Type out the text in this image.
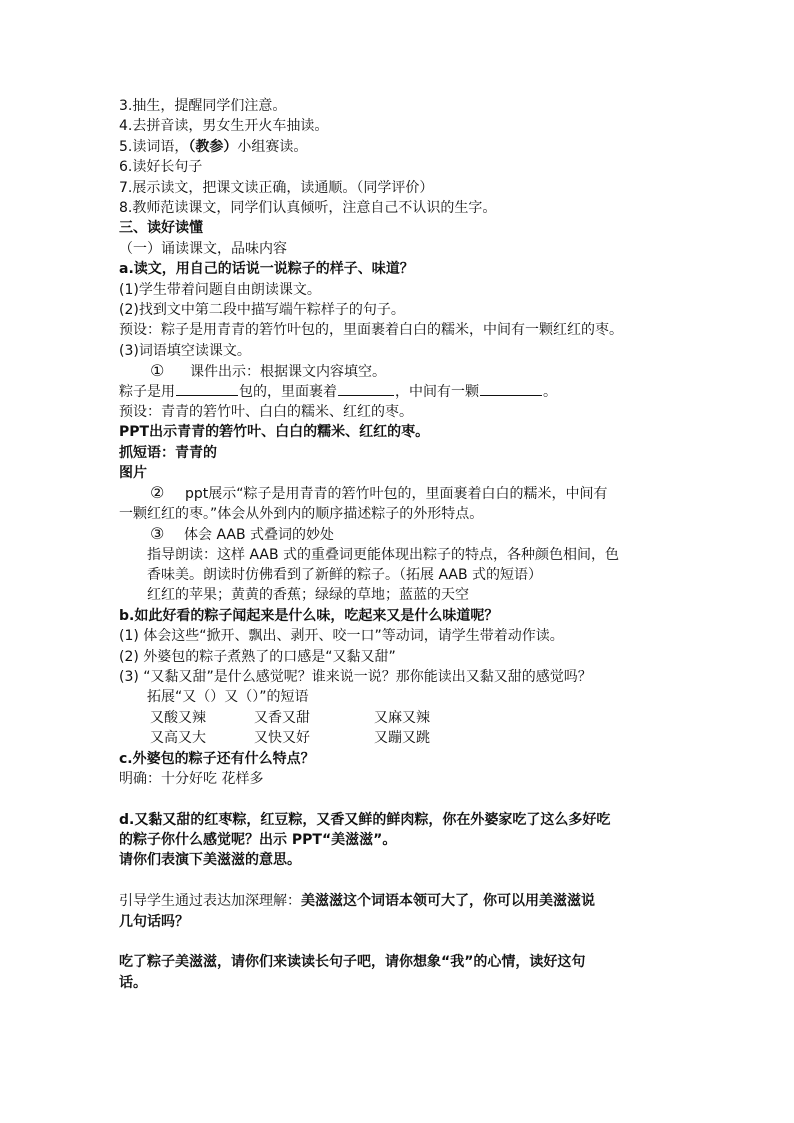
3.抽生，提醒同学们注意。
4.去拼音读，男女生开火车抽读。
5.读词语，（教参）小组赛读。
6.读好长句子
7.展示读文，把课文读正确，读通顺。（同学评价）
8.教师范读课文，同学们认真倾听，注意自己不认识的生字。
三、读好读懂
（一）诵读课文，品味内容
a.读文，用自己的话说一说粽子的样子、味道？
(1)学生带着问题自由朗读课文。
(2)找到文中第二段中描写端午粽样子的句子。
预设：粽子是用青青的箬竹叶包的，里面裹着白白的糯米，中间有一颗红红的枣。
(3)词语填空读课文。
① 课件出示：根据课文内容填空。
粽子是用	包的，里面裹着	，中间有一颗	。
预设：青青的箬竹叶、白白的糯米、红红的枣。
PPT出示青青的箬竹叶、白白的糯米、红红的枣。
抓短语：青青的
图片
② ppt展示“粽子是用青青的箬竹叶包的，里面裹着白白的糯米，中间有
一颗红红的枣。”体会从外到内的顺序描述粽子的外形特点。
③ 体会 AAB 式叠词的妙处
指导朗读：这样 AAB 式的重叠词更能体现出粽子的特点，各种颜色相间，色
香味美。朗读时仿佛看到了新鲜的粽子。（拓展 AAB 式的短语）
红红的苹果；黄黄的香蕉；绿绿的草地；蓝蓝的天空
b.如此好看的粽子闻起来是什么味，吃起来又是什么味道呢？
(1) 体会这些“掀开、飘出、剥开、咬一口”等动词，请学生带着动作读。
(2) 外婆包的粽子煮熟了的口感是“又黏又甜”
(3) “又黏又甜”是什么感觉呢？谁来说一说？那你能读出又黏又甜的感觉吗？
拓展“又（）又（）”的短语
又酸又辣	又香又甜	又麻又辣
又高又大	又快又好	又蹦又跳
c.外婆包的粽子还有什么特点？
明确：十分好吃 花样多
d.又黏又甜的红枣粽，红豆粽，又香又鲜的鲜肉粽，你在外婆家吃了这么多好吃
的粽子你什么感觉呢？出示 PPT“美滋滋”。
请你们表演下美滋滋的意思。
引导学生通过表达加深理解：美滋滋这个词语本领可大了，你可以用美滋滋说
几句话吗？
吃了粽子美滋滋，请你们来读读长句子吧，请你想象“我”的心情，读好这句
话。
